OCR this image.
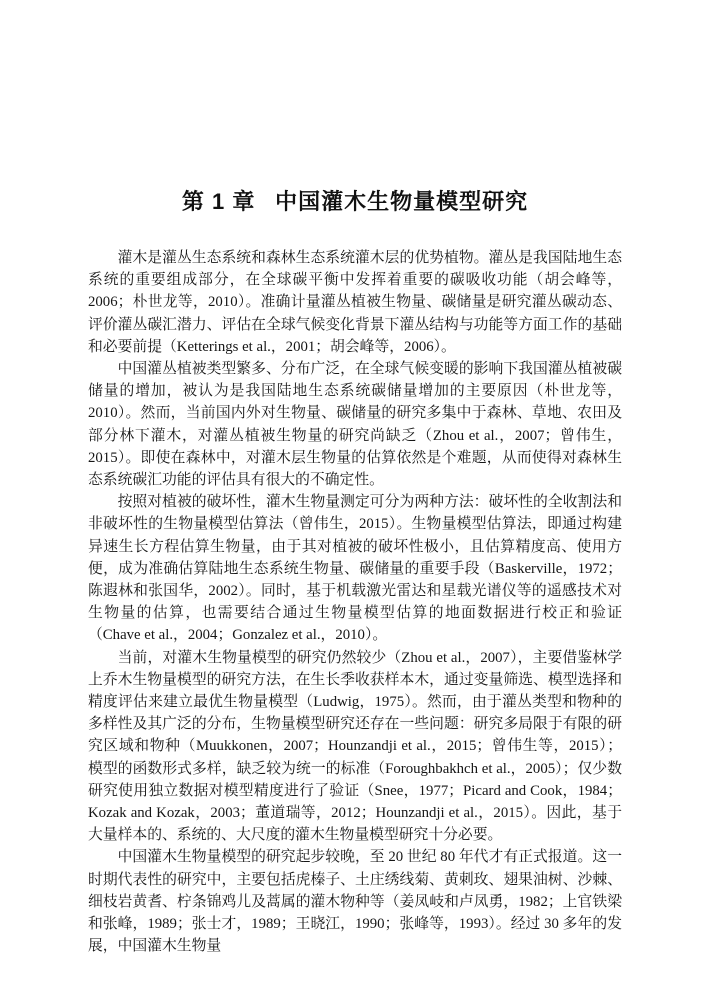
第 1 章 中国灌木生物量模型研究

灌木是灌丛生态系统和森林生态系统灌木层的优势植物。灌丛是我国陆地生态系统的重要组成部分，在全球碳平衡中发挥着重要的碳吸收功能（胡会峰等，2006；朴世龙等，2010）。准确计量灌丛植被生物量、碳储量是研究灌丛碳动态、评价灌丛碳汇潜力、评估在全球气候变化背景下灌丛结构与功能等方面工作的基础和必要前提（Ketterings et al.，2001；胡会峰等，2006）。

中国灌丛植被类型繁多、分布广泛，在全球气候变暖的影响下我国灌丛植被碳储量的增加，被认为是我国陆地生态系统碳储量增加的主要原因（朴世龙等，2010）。然而，当前国内外对生物量、碳储量的研究多集中于森林、草地、农田及部分林下灌木，对灌丛植被生物量的研究尚缺乏（Zhou et al.，2007；曾伟生，2015）。即使在森林中，对灌木层生物量的估算依然是个难题，从而使得对森林生态系统碳汇功能的评估具有很大的不确定性。

按照对植被的破坏性，灌木生物量测定可分为两种方法：破坏性的全收割法和非破坏性的生物量模型估算法（曾伟生，2015）。生物量模型估算法，即通过构建异速生长方程估算生物量，由于其对植被的破坏性极小，且估算精度高、使用方便，成为准确估算陆地生态系统生物量、碳储量的重要手段（Baskerville，1972；陈遐林和张国华，2002）。同时，基于机载激光雷达和星载光谱仪等的遥感技术对生物量的估算，也需要结合通过生物量模型估算的地面数据进行校正和验证（Chave et al.，2004；Gonzalez et al.，2010）。

当前，对灌木生物量模型的研究仍然较少（Zhou et al.，2007），主要借鉴林学上乔木生物量模型的研究方法，在生长季收获样本木，通过变量筛选、模型选择和精度评估来建立最优生物量模型（Ludwig，1975）。然而，由于灌丛类型和物种的多样性及其广泛的分布，生物量模型研究还存在一些问题：研究多局限于有限的研究区域和物种（Muukkonen，2007；Hounzandji et al.，2015；曾伟生等，2015）；模型的函数形式多样，缺乏较为统一的标准（Foroughbakhch et al.，2005）；仅少数研究使用独立数据对模型精度进行了验证（Snee，1977；Picard and Cook，1984；Kozak and Kozak，2003；董道瑞等，2012；Hounzandji et al.，2015）。因此，基于大量样本的、系统的、大尺度的灌木生物量模型研究十分必要。

中国灌木生物量模型的研究起步较晚，至 20 世纪 80 年代才有正式报道。这一时期代表性的研究中，主要包括虎榛子、土庄绣线菊、黄刺玫、翅果油树、沙棘、细枝岩黄耆、柠条锦鸡儿及蒿属的灌木物种等（姜凤岐和卢凤勇，1982；上官铁梁和张峰，1989；张士才，1989；王晓江，1990；张峰等，1993）。经过 30 多年的发展，中国灌木生物量
